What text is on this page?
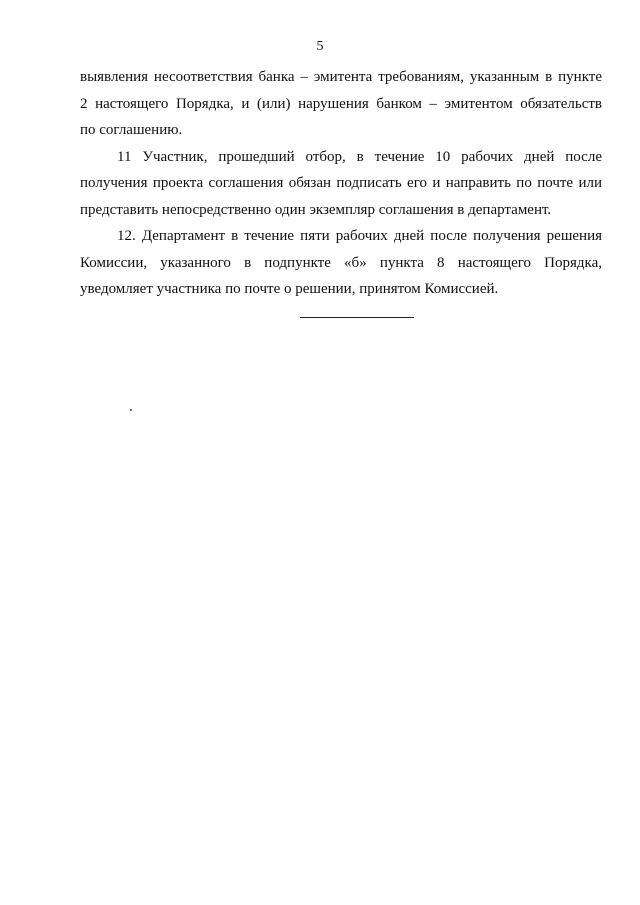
5

выявления несоответствия банка – эмитента требованиям, указанным в пункте
2 настоящего Порядка, и (или) нарушения банком – эмитентом обязательств
по соглашению.

11 Участник, прошедший отбор, в течение 10 рабочих дней после
получения проекта соглашения обязан подписать его и направить по почте или
представить непосредственно один экземпляр соглашения в департамент.

12. Департамент в течение пяти рабочих дней после получения решения
Комиссии, указанного в подпункте «б» пункта 8 настоящего Порядка,
уведомляет участника по почте о решении, принятом Комиссией.
